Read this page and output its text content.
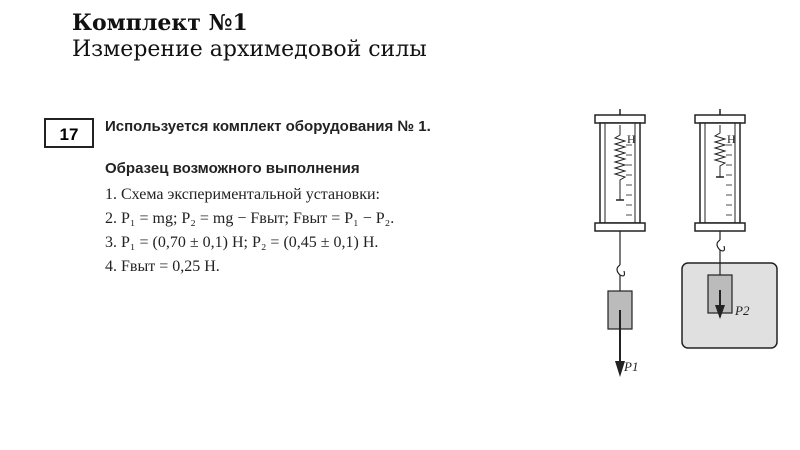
Комплект №1
Измерение архимедовой силы
17	Используется комплект оборудования № 1.
Образец возможного выполнения
1. Схема экспериментальной установки:
2. P₁ = mg; P₂ = mg − Fвыт; Fвыт = P₁ − P₂.
3. P₁ = (0,70 ± 0,1) Н; P₂ = (0,45 ± 0,1) Н.
4. Fвыт = 0,25 Н.
Н
P1
Н
P2
